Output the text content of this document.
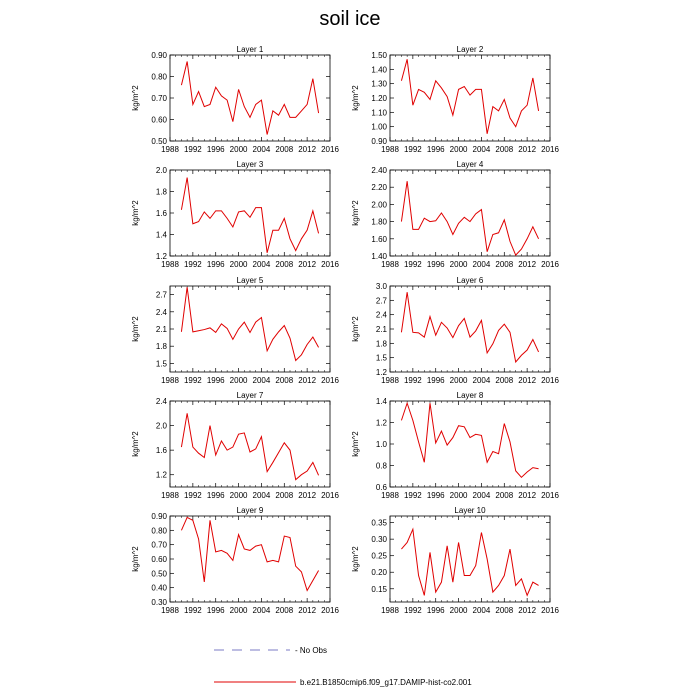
soil ice
Layer 1
1988 1992 1996 2000 2004 2008 2012 2016
0.50
0.60
0.70
0.80
0.90
kg/m^2
Layer 2
1988 1992 1996 2000 2004 2008 2012 2016
0.90
1.00
1.10
1.20
1.30
1.40
1.50
kg/m^2
Layer 3
1988 1992 1996 2000 2004 2008 2012 2016
1.2
1.4
1.6
1.8
2.0
kg/m^2
Layer 4
1988 1992 1996 2000 2004 2008 2012 2016
1.40
1.60
1.80
2.00
2.20
2.40
kg/m^2
Layer 5
1988 1992 1996 2000 2004 2008 2012 2016
1.5
1.8
2.1
2.4
2.7
kg/m^2
Layer 6
1988 1992 1996 2000 2004 2008 2012 2016
1.2
1.5
1.8
2.1
2.4
2.7
3.0
kg/m^2
Layer 7
1988 1992 1996 2000 2004 2008 2012 2016
1.2
1.6
2.0
2.4
kg/m^2
Layer 8
1988 1992 1996 2000 2004 2008 2012 2016
0.6
0.8
1.0
1.2
1.4
kg/m^2
Layer 9
1988 1992 1996 2000 2004 2008 2012 2016
0.30
0.40
0.50
0.60
0.70
0.80
0.90
kg/m^2
Layer 10
1988 1992 1996 2000 2004 2008 2012 2016
0.15
0.20
0.25
0.30
0.35
kg/m^2
- No Obs
b.e21.B1850cmip6.f09_g17.DAMIP-hist-co2.001
